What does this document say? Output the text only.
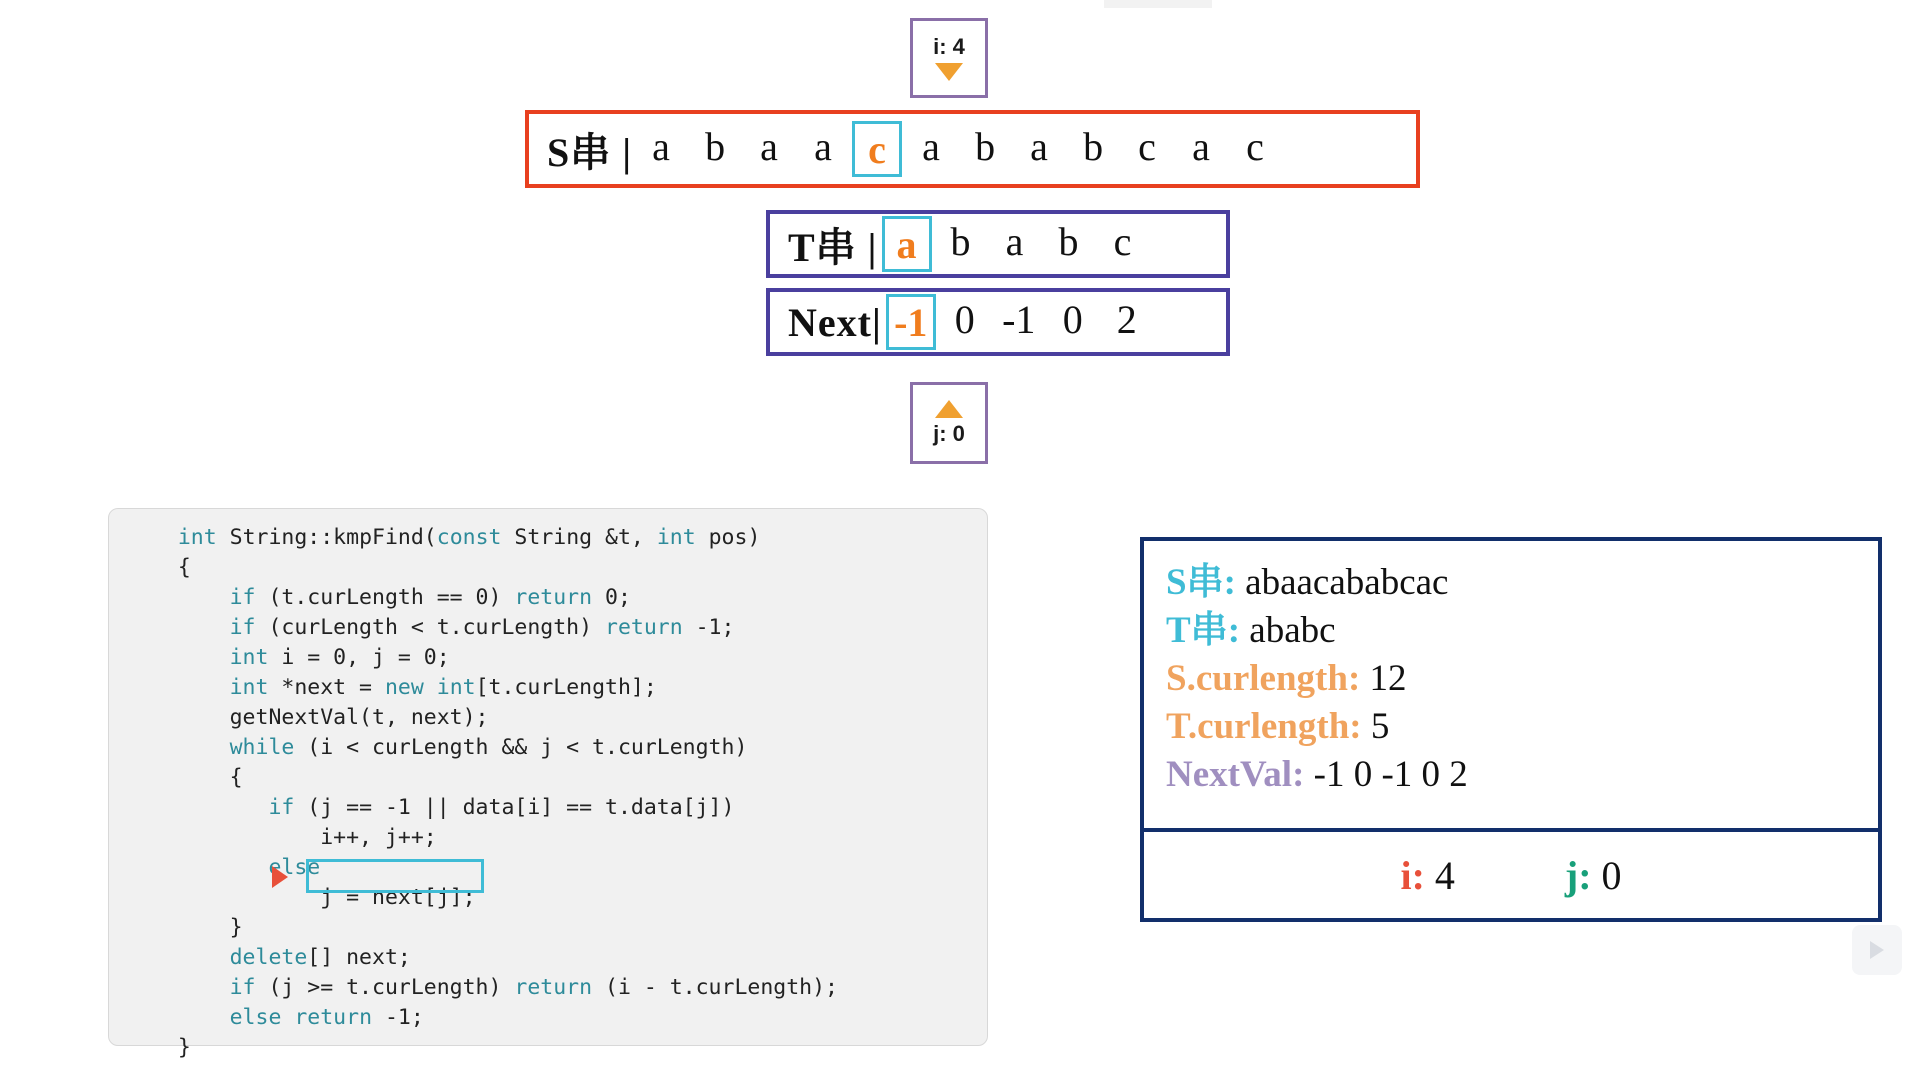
i: 4
S串 | a b a a c a b a b c a c
T串 | a b a b c
Next| -1 0 -1 0 2
j: 0
int String::kmpFind(const String &t, int pos)
{
if (t.curLength == 0) return 0;
if (curLength < t.curLength) return -1;
int i = 0, j = 0;
int *next = new int[t.curLength];
getNextVal(t, next);
while (i < curLength && j < t.curLength)
{
if (j == -1 || data[i] == t.data[j])
i++, j++;
else
j = next[j];
}
delete[] next;
if (j >= t.curLength) return (i - t.curLength);
else return -1;
}
S串: abaacababcac
T串: ababc
S.curlength: 12
T.curlength: 5
NextVal: -1 0 -1 0 2
i: 4	j: 0
